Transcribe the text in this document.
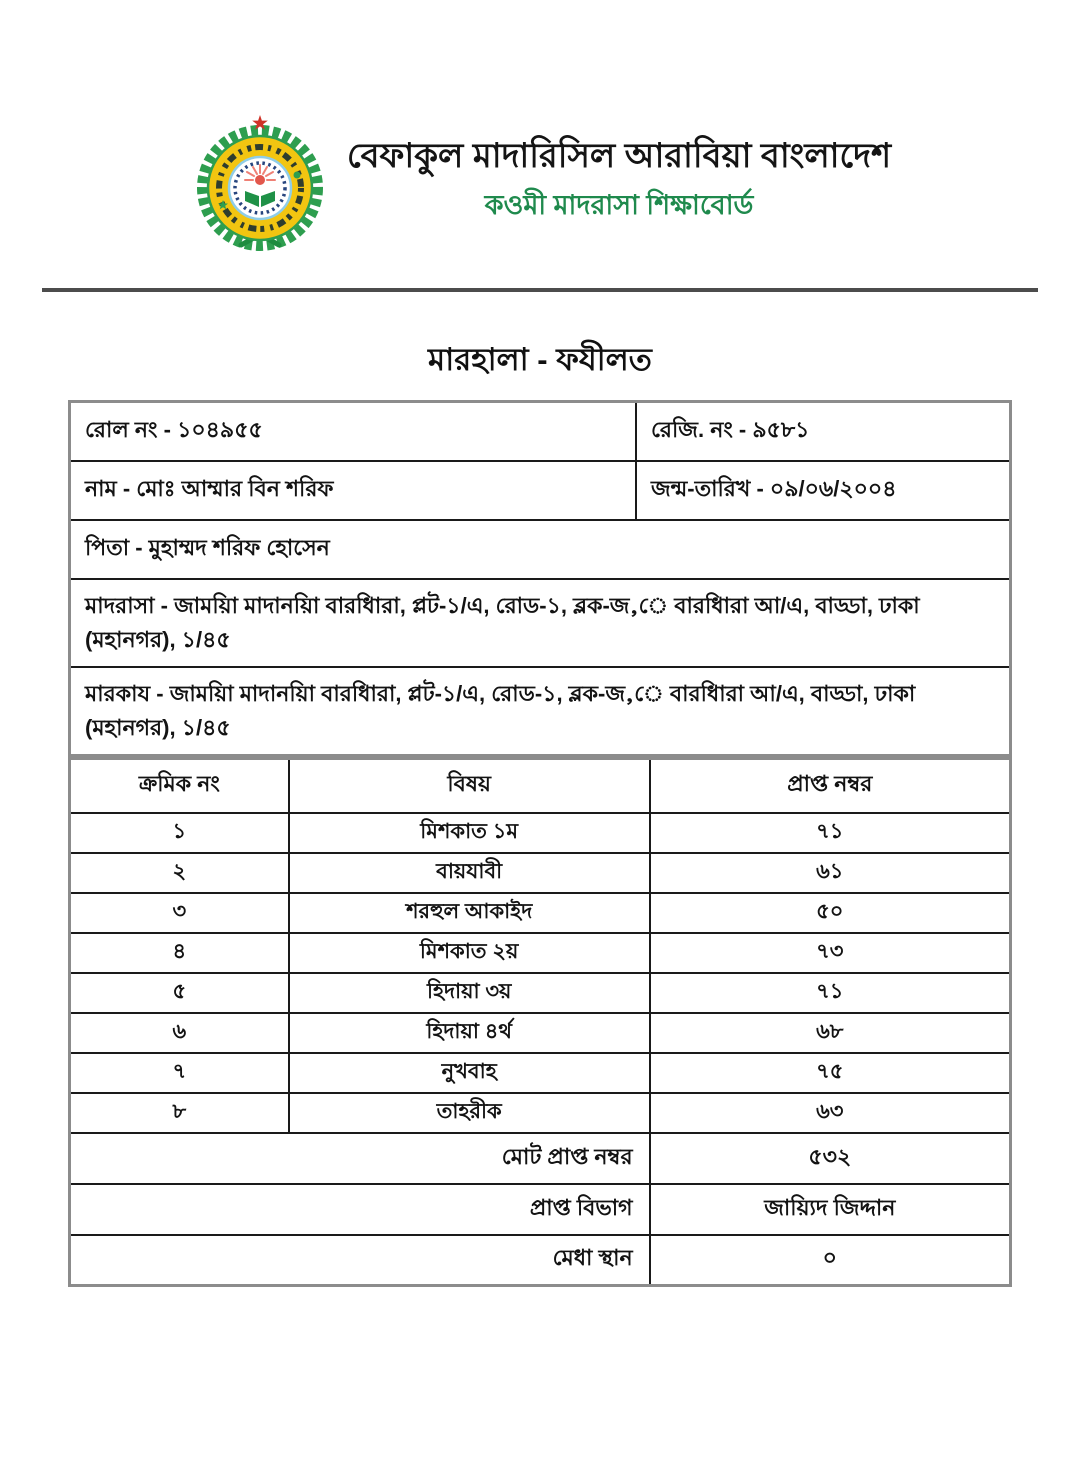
বেফাকুল মাদারিসিল আরাবিয়া বাংলাদেশ
কওমী মাদরাসা শিক্ষাবোর্ড
মারহালা - ফযীলত
রোল নং - ১০৪৯৫৫	রেজি. নং - ৯৫৮১
নাম - মোঃ আম্মার বিন শরিফ	জন্ম-তারিখ - ০৯/০৬/২০০৪
পিতা - মুহাম্মদ শরিফ হোসেন	
মাদরাসা - জাময়িা মাদানয়িা বারধিারা, প্লট-১/এ, রোড-১, ব্লক-জ,ে বারধিারা আ/এ, বাড্ডা, ঢাকা (মহানগর), ১/৪৫	
মারকায - জাময়িা মাদানয়িা বারধিারা, প্লট-১/এ, রোড-১, ব্লক-জ,ে বারধিারা আ/এ, বাড্ডা, ঢাকা (মহানগর), ১/৪৫	
ক্রমিক নং	বিষয়	প্রাপ্ত নম্বর
১	মিশকাত ১ম	৭১
২	বায়যাবী	৬১
৩	শরহুল আকাইদ	৫০
৪	মিশকাত ২য়	৭৩
৫	হিদায়া ৩য়	৭১
৬	হিদায়া ৪র্থ	৬৮
৭	নুখবাহ	৭৫
৮	তাহরীক	৬৩
মোট প্রাপ্ত নম্বর		৫৩২
প্রাপ্ত বিভাগ		জায়্যিদ জিদ্দান
মেধা স্থান		০
